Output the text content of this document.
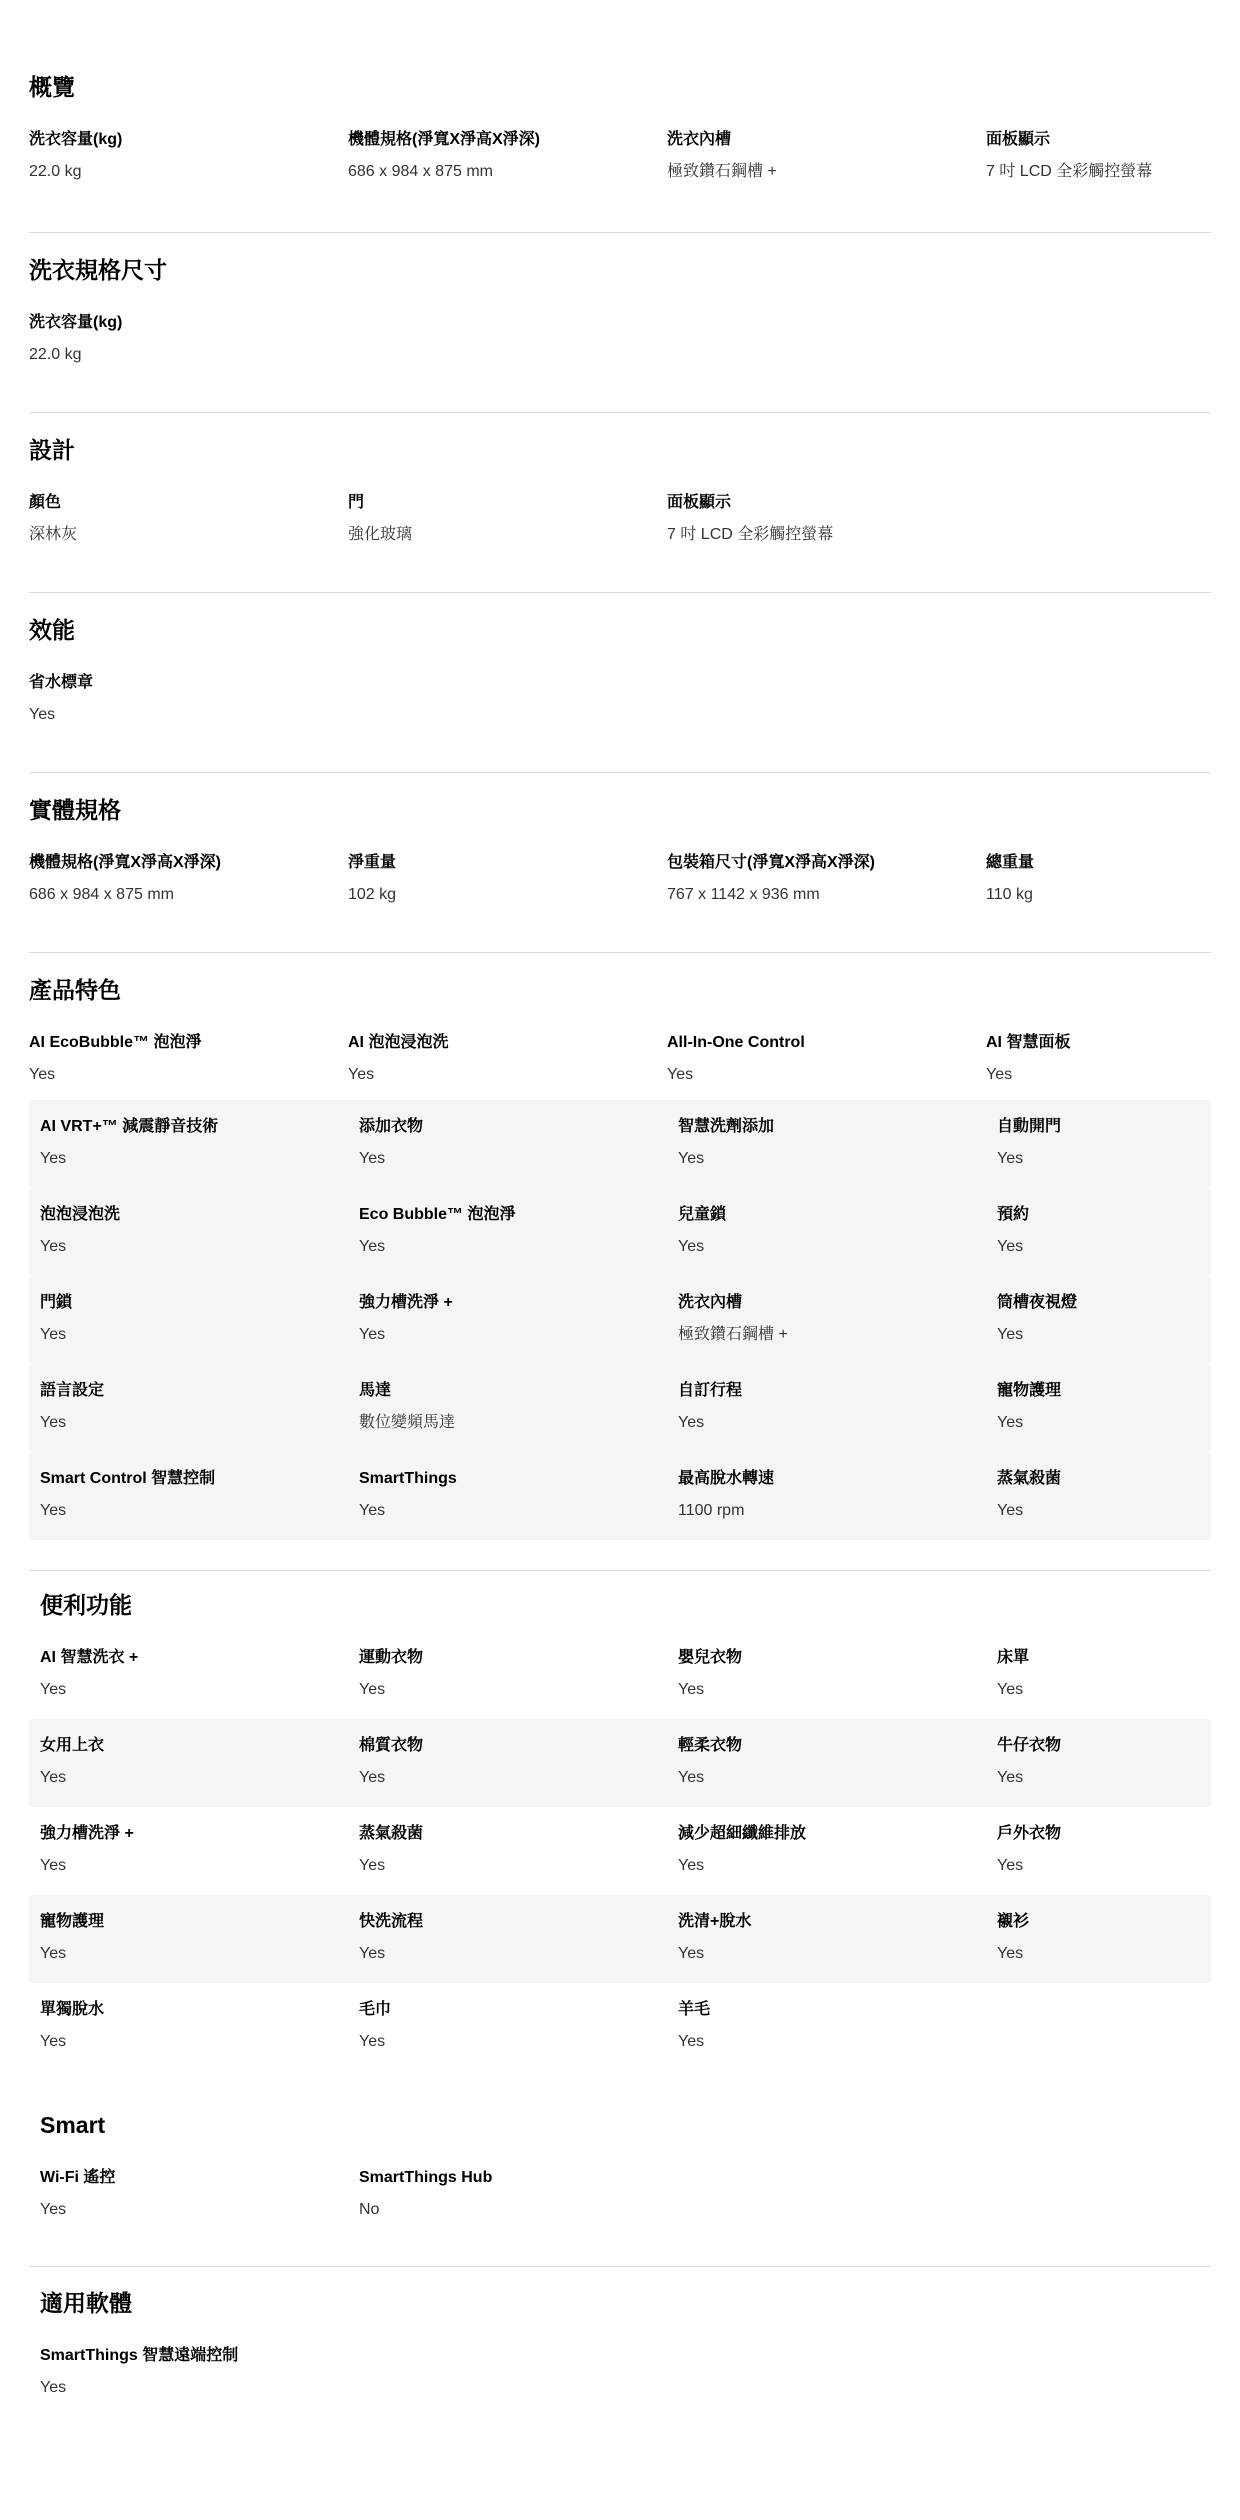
概覽
洗衣容量(kg)
22.0 kg
機體規格(淨寬X淨高X淨深)
686 x 984 x 875 mm
洗衣內槽
極致鑽石鋼槽 +
面板顯示
7 吋 LCD 全彩觸控螢幕
洗衣規格尺寸
洗衣容量(kg)
22.0 kg
設計
顏色
深林灰
門
強化玻璃
面板顯示
7 吋 LCD 全彩觸控螢幕
效能
省水標章
Yes
實體規格
機體規格(淨寬X淨高X淨深)
686 x 984 x 875 mm
淨重量
102 kg
包裝箱尺寸(淨寬X淨高X淨深)
767 x 1142 x 936 mm
總重量
110 kg
產品特色
AI EcoBubble™ 泡泡淨
Yes
AI 泡泡浸泡洗
Yes
All-In-One Control
Yes
AI 智慧面板
Yes
AI VRT+™ 減震靜音技術
Yes
添加衣物
Yes
智慧洗劑添加
Yes
自動開門
Yes
泡泡浸泡洗
Yes
Eco Bubble™ 泡泡淨
Yes
兒童鎖
Yes
預約
Yes
門鎖
Yes
強力槽洗淨 +
Yes
洗衣內槽
極致鑽石鋼槽 +
筒槽夜視燈
Yes
語言設定
Yes
馬達
數位變頻馬達
自訂行程
Yes
寵物護理
Yes
Smart Control 智慧控制
Yes
SmartThings
Yes
最高脫水轉速
1100 rpm
蒸氣殺菌
Yes
便利功能
AI 智慧洗衣 +
Yes
運動衣物
Yes
嬰兒衣物
Yes
床單
Yes
女用上衣
Yes
棉質衣物
Yes
輕柔衣物
Yes
牛仔衣物
Yes
強力槽洗淨 +
Yes
蒸氣殺菌
Yes
減少超細纖維排放
Yes
戶外衣物
Yes
寵物護理
Yes
快洗流程
Yes
洗清+脫水
Yes
襯衫
Yes
單獨脫水
Yes
毛巾
Yes
羊毛
Yes
Smart
Wi-Fi 遙控
Yes
SmartThings Hub
No
適用軟體
SmartThings 智慧遠端控制
Yes
